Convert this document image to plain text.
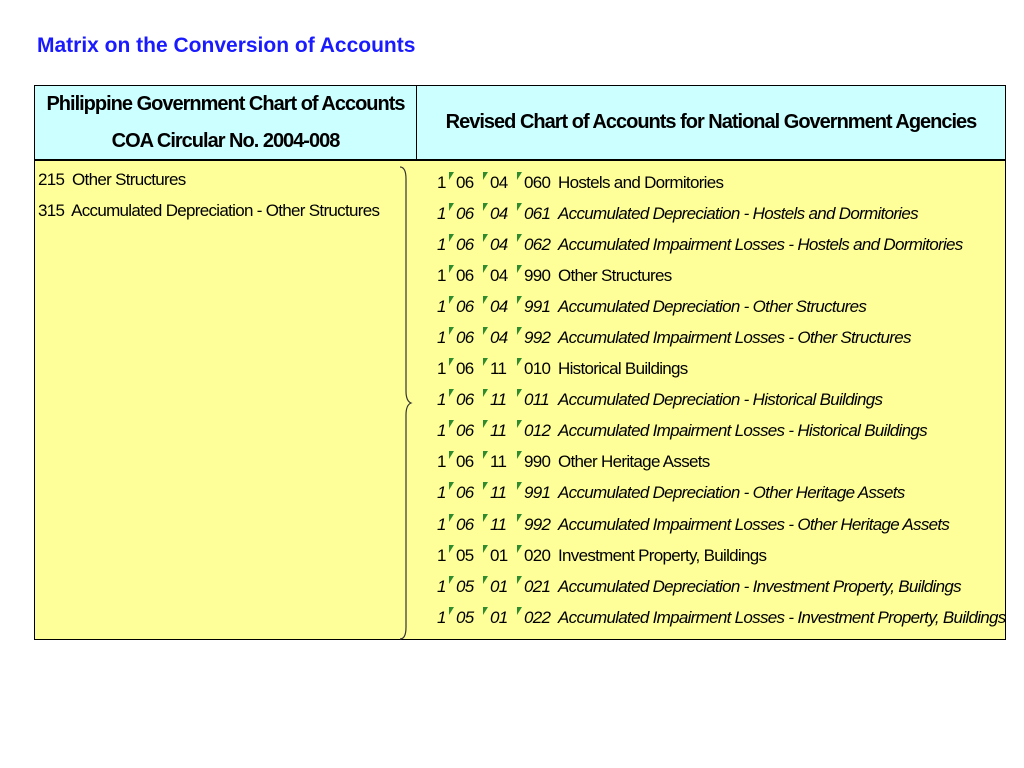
Matrix on the Conversion of Accounts
Philippine Government Chart of Accounts
COA Circular No. 2004-008
Revised Chart of Accounts for National Government Agencies
215 Other Structures
315 Accumulated Depreciation - Other Structures
1 06 04 060 Hostels and Dormitories
1 06 04 061 Accumulated Depreciation - Hostels and Dormitories
1 06 04 062 Accumulated Impairment Losses - Hostels and Dormitories
1 06 04 990 Other Structures
1 06 04 991 Accumulated Depreciation - Other Structures
1 06 04 992 Accumulated Impairment Losses - Other Structures
1 06 11	010 Historical Buildings
1 06 11	011 Accumulated Depreciation - Historical Buildings
1 06 11	012 Accumulated Impairment Losses - Historical Buildings
1 06 11	990 Other Heritage Assets
1 06 11	991 Accumulated Depreciation - Other Heritage Assets
1 06 11	992 Accumulated Impairment Losses - Other Heritage Assets
1 05 01 020 Investment Property, Buildings
1 05 01 021 Accumulated Depreciation - Investment Property, Buildings
1 05 01 022 Accumulated Impairment Losses - Investment Property, Buildings
